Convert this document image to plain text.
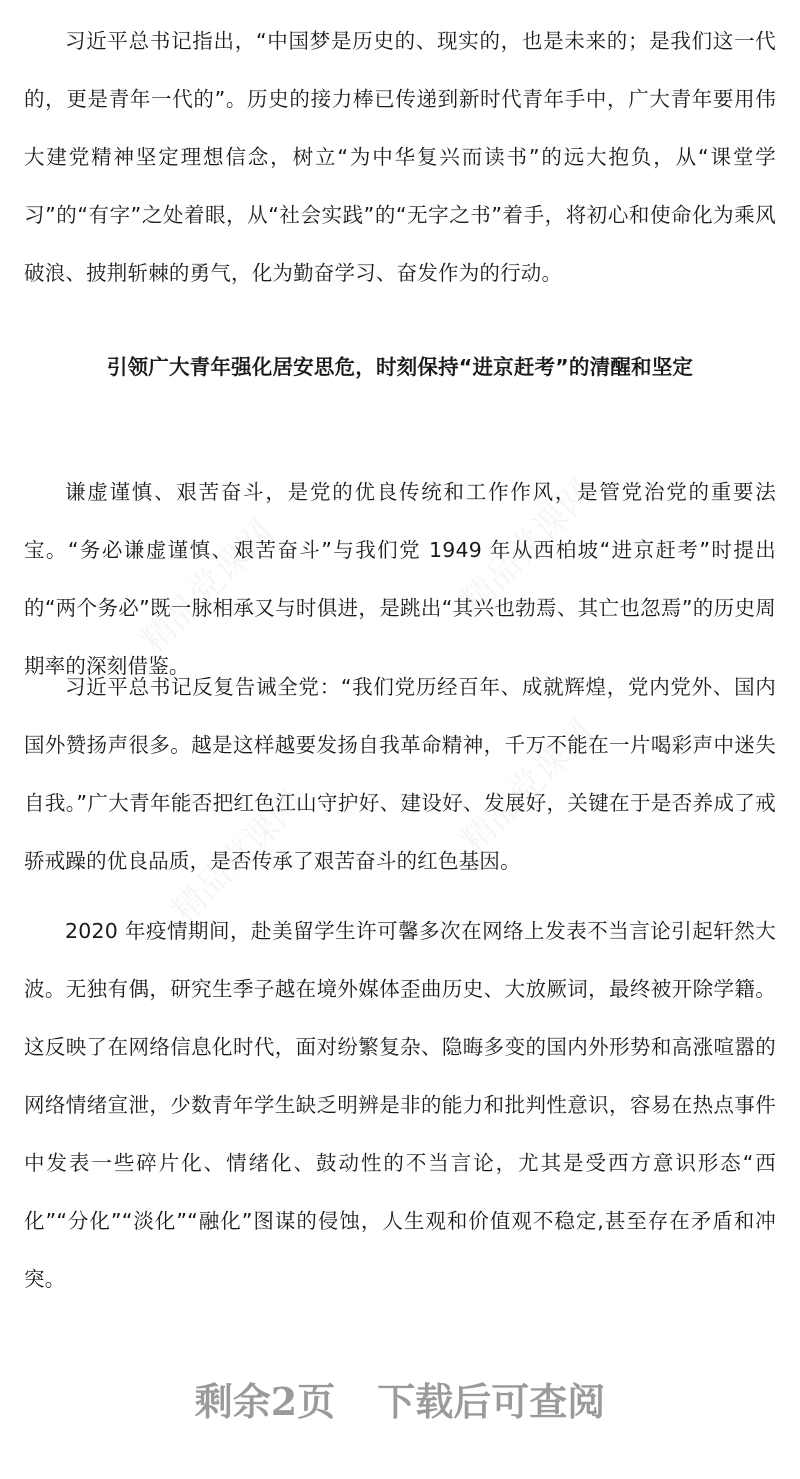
习近平总书记指出，“中国梦是历史的、现实的，也是未来的；是我们这一代的，更是青年一代的”。历史的接力棒已传递到新时代青年手中，广大青年要用伟大建党精神坚定理想信念，树立“为中华复兴而读书”的远大抱负，从“课堂学习”的“有字”之处着眼，从“社会实践”的“无字之书”着手，将初心和使命化为乘风破浪、披荆斩棘的勇气，化为勤奋学习、奋发作为的行动。

引领广大青年强化居安思危，时刻保持“进京赶考”的清醒和坚定

谦虚谨慎、艰苦奋斗，是党的优良传统和工作作风，是管党治党的重要法宝。“务必谦虚谨慎、艰苦奋斗”与我们党 1949 年从西柏坡“进京赶考”时提出的“两个务必”既一脉相承又与时俱进，是跳出“其兴也勃焉、其亡也忽焉”的历史周期率的深刻借鉴。

习近平总书记反复告诫全党：“我们党历经百年、成就辉煌，党内党外、国内国外赞扬声很多。越是这样越要发扬自我革命精神，千万不能在一片喝彩声中迷失自我。”广大青年能否把红色江山守护好、建设好、发展好，关键在于是否养成了戒骄戒躁的优良品质，是否传承了艰苦奋斗的红色基因。

2020 年疫情期间，赴美留学生许可馨多次在网络上发表不当言论引起轩然大波。无独有偶，研究生季子越在境外媒体歪曲历史、大放厥词，最终被开除学籍。这反映了在网络信息化时代，面对纷繁复杂、隐晦多变的国内外形势和高涨喧嚣的网络情绪宣泄，少数青年学生缺乏明辨是非的能力和批判性意识，容易在热点事件中发表一些碎片化、情绪化、鼓动性的不当言论，尤其是受西方意识形态“西化”“分化”“淡化”“融化”图谋的侵蚀，人生观和价值观不稳定,甚至存在矛盾和冲突。

剩余2页 下载后可查阅
